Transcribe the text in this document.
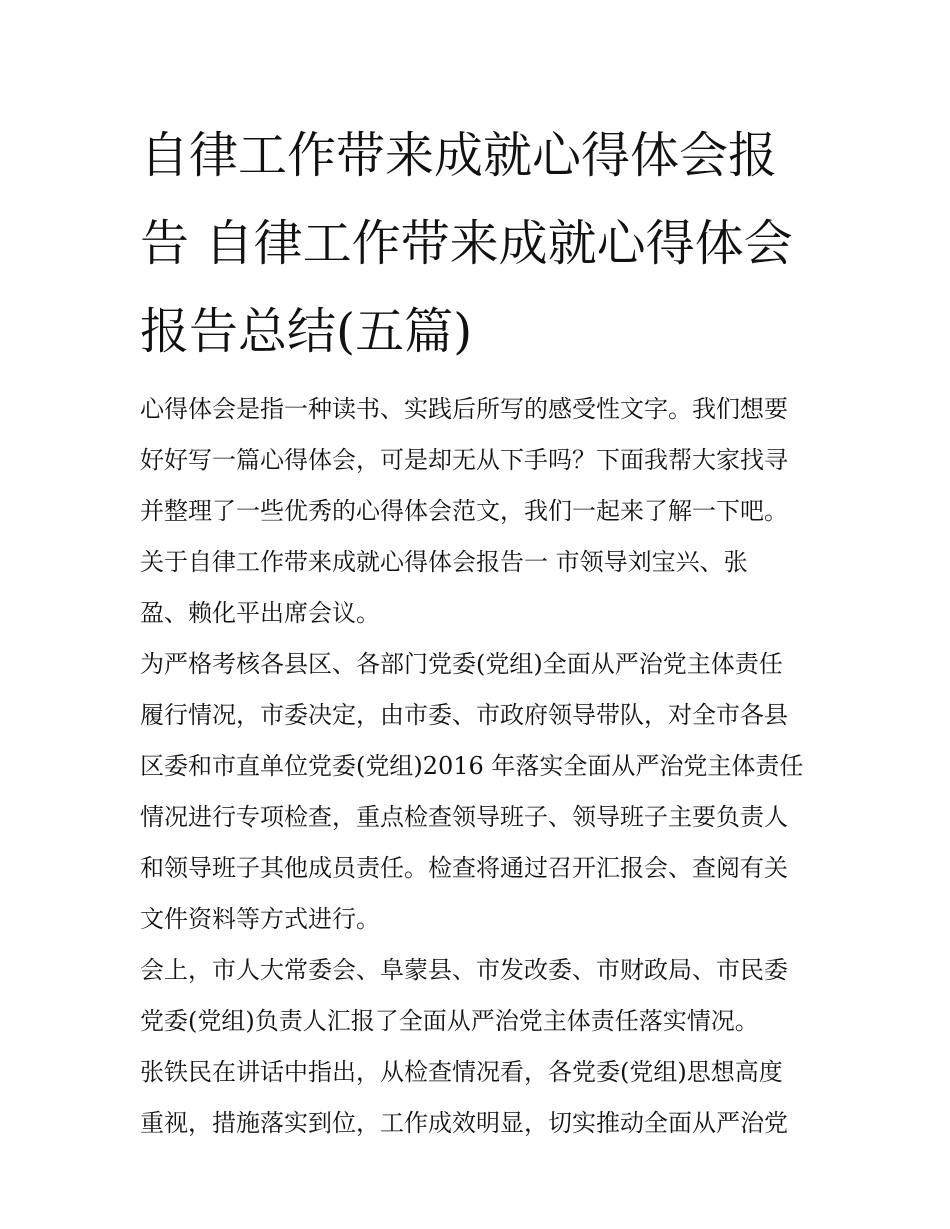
自律工作带来成就心得体会报
告 自律工作带来成就心得体会
报告总结(五篇)

心得体会是指一种读书、实践后所写的感受性文字。我们想要
好好写一篇心得体会，可是却无从下手吗？下面我帮大家找寻
并整理了一些优秀的心得体会范文，我们一起来了解一下吧。
关于自律工作带来成就心得体会报告一 市领导刘宝兴、张
盈、赖化平出席会议。

为严格考核各县区、各部门党委(党组)全面从严治党主体责任
履行情况，市委决定，由市委、市政府领导带队，对全市各县
区委和市直单位党委(党组)2016 年落实全面从严治党主体责任
情况进行专项检查，重点检查领导班子、领导班子主要负责人
和领导班子其他成员责任。检查将通过召开汇报会、查阅有关
文件资料等方式进行。

会上，市人大常委会、阜蒙县、市发改委、市财政局、市民委
党委(党组)负责人汇报了全面从严治党主体责任落实情况。

张铁民在讲话中指出，从检查情况看，各党委(党组)思想高度
重视，措施落实到位，工作成效明显，切实推动全面从严治党
